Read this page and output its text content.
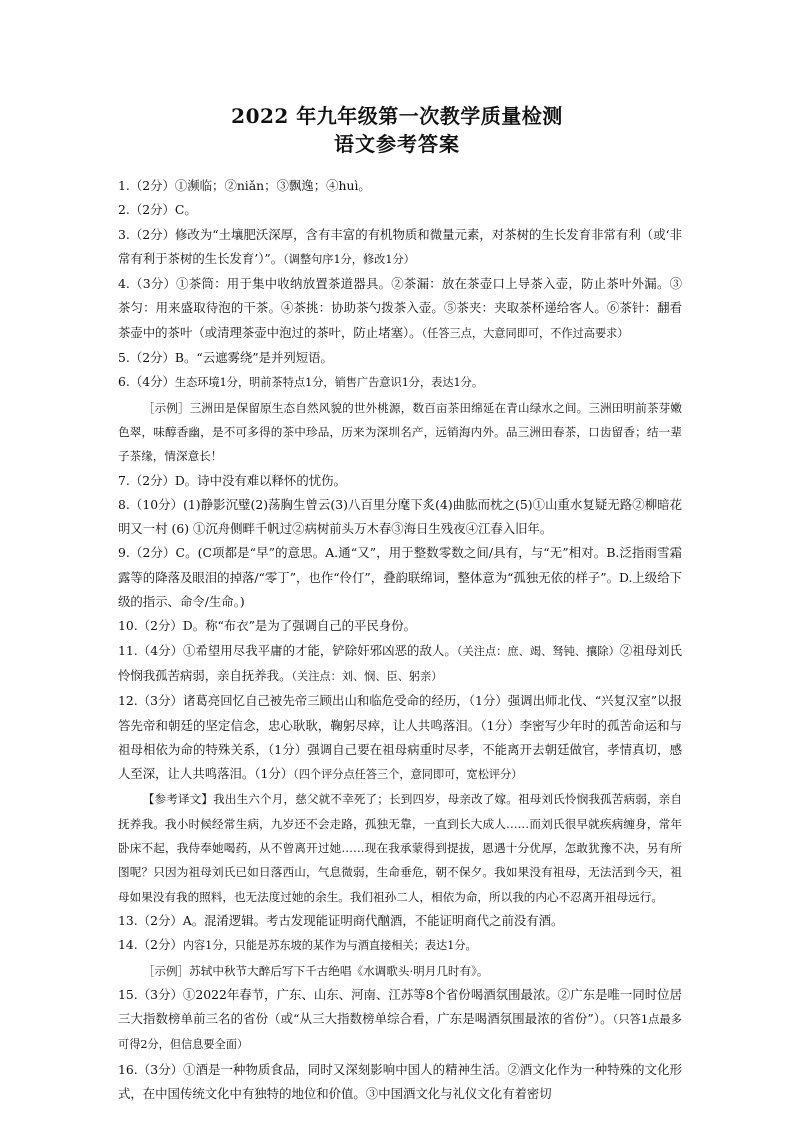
2022 年九年级第一次教学质量检测
语文参考答案

1.（2分）①濒临；②niǎn；③飘逸；④huì。

2.（2分）C。

3.（2分）修改为“土壤肥沃深厚，含有丰富的有机物质和微量元素，对茶树的生长发育非常有利（或‘非常有利于茶树的生长发育’）”。（调整句序1分，修改1分）

4.（3分）①茶筒：用于集中收纳放置茶道器具。②茶漏：放在茶壶口上导茶入壶，防止茶叶外漏。③茶匀：用来盛取待泡的干茶。④茶挑：协助茶勺拨茶入壶。⑤茶夹：夹取茶杯递给客人。⑥茶针：翻看茶壶中的茶叶（或清理茶壶中泡过的茶叶，防止堵塞）。（任答三点，大意同即可，不作过高要求）

5.（2分）B。“云遮雾绕”是并列短语。

6.（4分）生态环境1分，明前茶特点1分，销售广告意识1分，表达1分。

［示例］三洲田是保留原生态自然风貌的世外桃源，数百亩茶田绵延在青山绿水之间。三洲田明前茶芽嫩色翠，味醇香幽，是不可多得的茶中珍品，历来为深圳名产，远销海内外。品三洲田春茶，口齿留香；结一辈子茶缘，情深意长！

7.（2分）D。诗中没有难以释怀的忧伤。

8.（10分）(1)静影沉璧(2)荡胸生曾云(3)八百里分麾下炙(4)曲肱而枕之(5)①山重水复疑无路②柳暗花明又一村 (6) ①沉舟侧畔千帆过②病树前头万木春③海日生残夜④江春入旧年。

9.（2分）C。(C项都是“早”的意思。A.通“又”，用于整数零数之间/具有，与“无”相对。B.泛指雨雪霜露等的降落及眼泪的掉落/“零丁”，也作“伶仃”，叠韵联绵词，整体意为“孤独无依的样子”。D.上级给下级的指示、命令/生命。)

10.（2分）D。称“布衣”是为了强调自己的平民身份。

11.（4分）①希望用尽我平庸的才能，铲除奸邪凶恶的敌人。（关注点：庶、竭、驽钝、攘除）②祖母刘氏怜悯我孤苦病弱，亲自抚养我。（关注点：刘、悯、臣、躬亲）

12.（3分）诸葛亮回忆自己被先帝三顾出山和临危受命的经历，（1分）强调出师北伐、“兴复汉室”以报答先帝和朝廷的坚定信念，忠心耿耿，鞠躬尽瘁，让人共鸣落泪。（1分）李密写少年时的孤苦命运和与祖母相依为命的特殊关系，（1分）强调自己要在祖母病重时尽孝，不能离开去朝廷做官，孝情真切，感人至深，让人共鸣落泪。（1分）（四个评分点任答三个，意同即可，宽松评分）

【参考译文】我出生六个月，慈父就不幸死了；长到四岁，母亲改了嫁。祖母刘氏怜悯我孤苦病弱，亲自抚养我。我小时候经常生病，九岁还不会走路，孤独无靠，一直到长大成人……而刘氏很早就疾病缠身，常年卧床不起，我侍奉她喝药，从不曾离开过她……现在我承蒙得到提拔，恩遇十分优厚，怎敢犹豫不决，另有所图呢？只因为祖母刘氏已如日落西山，气息微弱，生命垂危，朝不保夕。我如果没有祖母，无法活到今天，祖母如果没有我的照料，也无法度过她的余生。我们祖孙二人，相依为命，所以我的内心不忍离开祖母远行。

13.（2分）A。混淆逻辑。考古发现能证明商代酗酒，不能证明商代之前没有酒。

14.（2分）内容1分，只能是苏东坡的某作为与酒直接相关；表达1分。

［示例］苏轼中秋节大醉后写下千古绝唱《水调歌头·明月几时有》。

15.（3分）①2022年春节，广东、山东、河南、江苏等8个省份喝酒氛围最浓。②广东是唯一同时位居三大指数榜单前三名的省份（或“从三大指数榜单综合看，广东是喝酒氛围最浓的省份”）。（只答1点最多可得2分，但信息要全面）

16.（3分）①酒是一种物质食品，同时又深刻影响中国人的精神生活。②酒文化作为一种特殊的文化形式，在中国传统文化中有独特的地位和价值。③中国酒文化与礼仪文化有着密切
